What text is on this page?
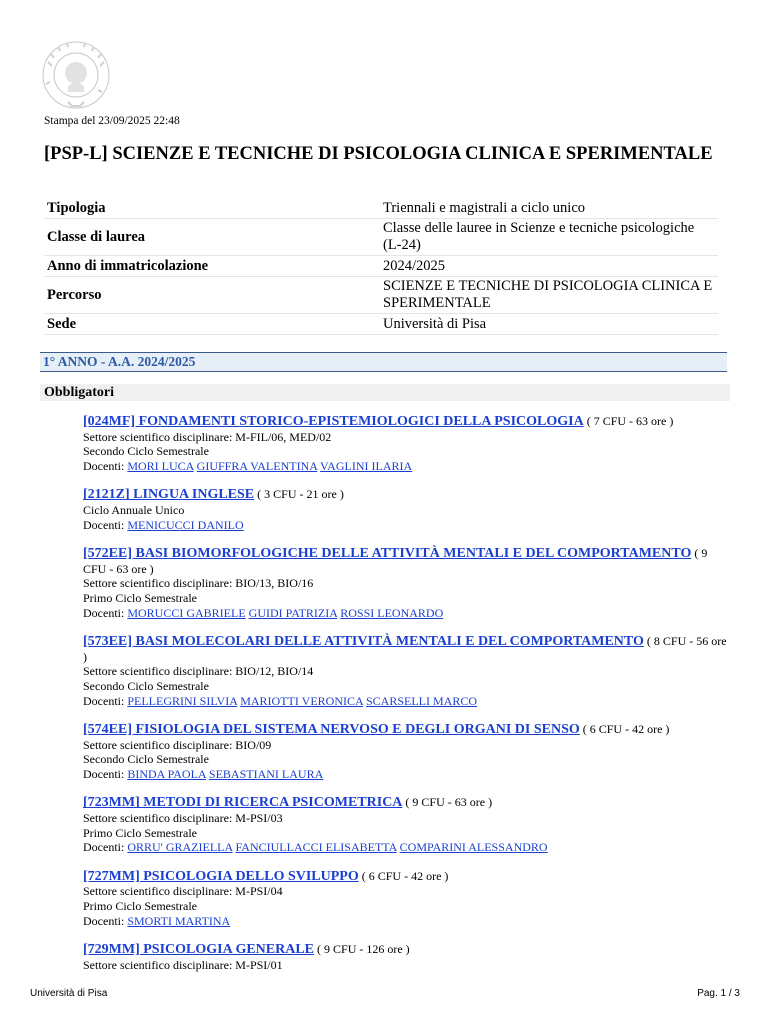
Stampa del 23/09/2025 22:48
[PSP-L] SCIENZE E TECNICHE DI PSICOLOGIA CLINICA E SPERIMENTALE
Tipologia	Triennali e magistrali a ciclo unico
Classe di laurea	Classe delle lauree in Scienze e tecniche psicologiche (L-24)
Anno di immatricolazione	2024/2025
Percorso	SCIENZE E TECNICHE DI PSICOLOGIA CLINICA E SPERIMENTALE
Sede	Università di Pisa
1° ANNO - A.A. 2024/2025
Obbligatori
[024MF] FONDAMENTI STORICO-EPISTEMIOLOGICI DELLA PSICOLOGIA ( 7 CFU - 63 ore )
Settore scientifico disciplinare: M-FIL/06, MED/02
Secondo Ciclo Semestrale
Docenti: MORI LUCA GIUFFRA VALENTINA VAGLINI ILARIA
[2121Z] LINGUA INGLESE ( 3 CFU - 21 ore )
Ciclo Annuale Unico
Docenti: MENICUCCI DANILO
[572EE] BASI BIOMORFOLOGICHE DELLE ATTIVITÀ MENTALI E DEL COMPORTAMENTO ( 9 CFU - 63 ore )
Settore scientifico disciplinare: BIO/13, BIO/16
Primo Ciclo Semestrale
Docenti: MORUCCI GABRIELE GUIDI PATRIZIA ROSSI LEONARDO
[573EE] BASI MOLECOLARI DELLE ATTIVITÀ MENTALI E DEL COMPORTAMENTO ( 8 CFU - 56 ore )
Settore scientifico disciplinare: BIO/12, BIO/14
Secondo Ciclo Semestrale
Docenti: PELLEGRINI SILVIA MARIOTTI VERONICA SCARSELLI MARCO
[574EE] FISIOLOGIA DEL SISTEMA NERVOSO E DEGLI ORGANI DI SENSO ( 6 CFU - 42 ore )
Settore scientifico disciplinare: BIO/09
Secondo Ciclo Semestrale
Docenti: BINDA PAOLA SEBASTIANI LAURA
[723MM] METODI DI RICERCA PSICOMETRICA ( 9 CFU - 63 ore )
Settore scientifico disciplinare: M-PSI/03
Primo Ciclo Semestrale
Docenti: ORRU' GRAZIELLA FANCIULLACCI ELISABETTA COMPARINI ALESSANDRO
[727MM] PSICOLOGIA DELLO SVILUPPO ( 6 CFU - 42 ore )
Settore scientifico disciplinare: M-PSI/04
Primo Ciclo Semestrale
Docenti: SMORTI MARTINA
[729MM] PSICOLOGIA GENERALE ( 9 CFU - 126 ore )
Settore scientifico disciplinare: M-PSI/01
Università di Pisa	Pag. 1 / 3
